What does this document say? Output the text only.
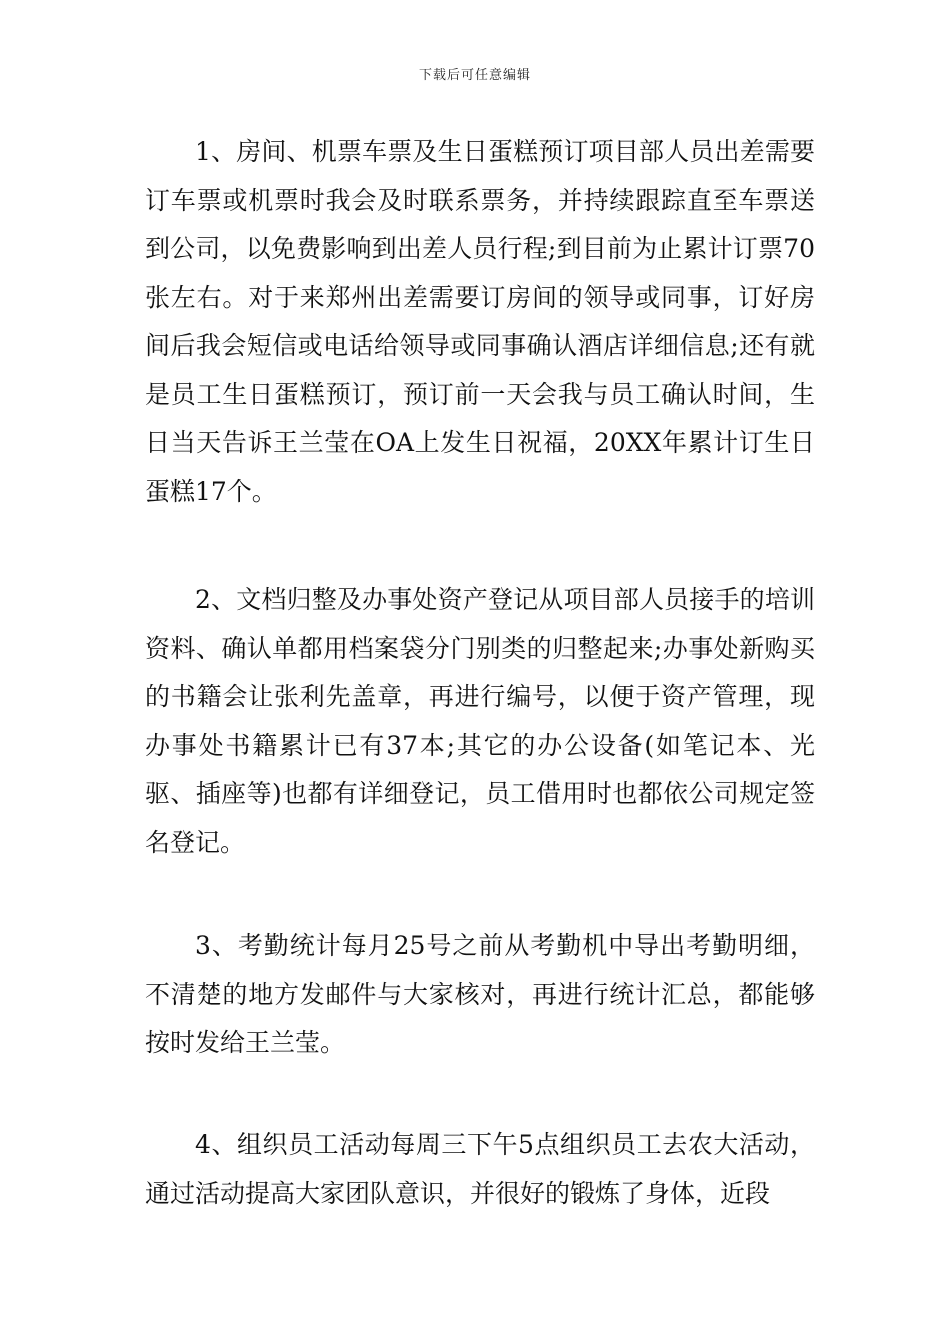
下载后可任意编辑

1、房间、机票车票及生日蛋糕预订项目部人员出差需要订车票或机票时我会及时联系票务，并持续跟踪直至车票送到公司，以免费影响到出差人员行程;到目前为止累计订票70张左右。对于来郑州出差需要订房间的领导或同事，订好房间后我会短信或电话给领导或同事确认酒店详细信息;还有就是员工生日蛋糕预订，预订前一天会我与员工确认时间，生日当天告诉王兰莹在OA上发生日祝福，20XX年累计订生日蛋糕17个。

2、文档归整及办事处资产登记从项目部人员接手的培训资料、确认单都用档案袋分门别类的归整起来;办事处新购买的书籍会让张利先盖章，再进行编号，以便于资产管理，现办事处书籍累计已有37本;其它的办公设备(如笔记本、光驱、插座等)也都有详细登记，员工借用时也都依公司规定签名登记。

3、考勤统计每月25号之前从考勤机中导出考勤明细，不清楚的地方发邮件与大家核对，再进行统计汇总，都能够按时发给王兰莹。

4、组织员工活动每周三下午5点组织员工去农大活动，通过活动提高大家团队意识，并很好的锻炼了身体，近段
